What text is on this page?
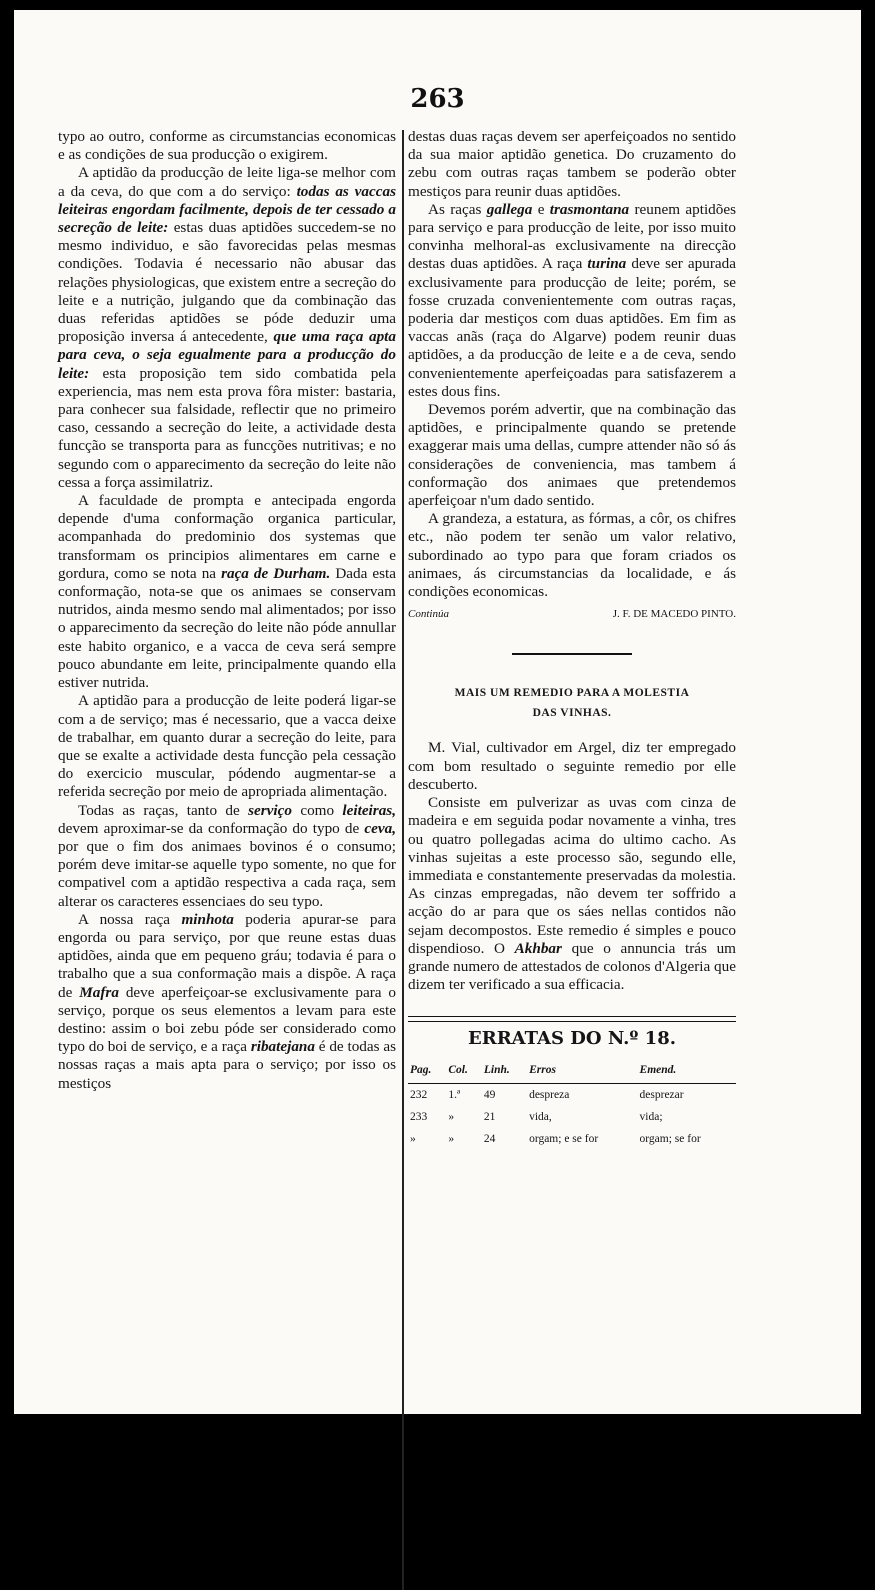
263

typo ao outro, conforme as circumstancias economicas e as condições de sua producção o exigirem.

A aptidão da producção de leite liga-se melhor com a da ceva, do que com a do serviço: todas as vaccas leiteiras engordam facilmente, depois de ter cessado a secreção de leite: estas duas aptidões succedem-se no mesmo individuo, e são favorecidas pelas mesmas condições. Todavia é necessario não abusar das relações physiologicas, que existem entre a secreção do leite e a nutrição, julgando que da combinação das duas referidas aptidões se póde deduzir uma proposição inversa á antecedente, que uma raça apta para ceva, o seja egualmente para a producção do leite: esta proposição tem sido combatida pela experiencia, mas nem esta prova fôra mister: bastaria, para conhecer sua falsidade, reflectir que no primeiro caso, cessando a secreção do leite, a actividade desta funcção se transporta para as funcções nutritivas; e no segundo com o apparecimento da secreção do leite não cessa a força assimilatriz.

A faculdade de prompta e antecipada engorda depende d'uma conformação organica particular, acompanhada do predominio dos systemas que transformam os principios alimentares em carne e gordura, como se nota na raça de Durham. Dada esta conformação, nota-se que os animaes se conservam nutridos, ainda mesmo sendo mal alimentados; por isso o apparecimento da secreção do leite não póde annullar este habito organico, e a vacca de ceva será sempre pouco abundante em leite, principalmente quando ella estiver nutrida.

A aptidão para a producção de leite poderá ligar-se com a de serviço; mas é necessario, que a vacca deixe de trabalhar, em quanto durar a secreção do leite, para que se exalte a actividade desta funcção pela cessação do exercicio muscular, pódendo augmentar-se a referida secreção por meio de apropriada alimentação.

Todas as raças, tanto de serviço como leiteiras, devem aproximar-se da conformação do typo de ceva, por que o fim dos animaes bovinos é o consumo; porém deve imitar-se aquelle typo somente, no que for compativel com a aptidão respectiva a cada raça, sem alterar os caracteres essenciaes do seu typo.

A nossa raça minhota poderia apurar-se para engorda ou para serviço, por que reune estas duas aptidões, ainda que em pequeno gráu; todavia é para o trabalho que a sua conformação mais a dispõe. A raça de Mafra deve aperfeiçoar-se exclusivamente para o serviço, porque os seus elementos a levam para este destino: assim o boi zebu póde ser considerado como typo do boi de serviço, e a raça ribatejana é de todas as nossas raças a mais apta para o serviço; por isso os mestiços

destas duas raças devem ser aperfeiçoados no sentido da sua maior aptidão genetica. Do cruzamento do zebu com outras raças tambem se poderão obter mestiços para reunir duas aptidões.

As raças gallega e trasmontana reunem aptidões para serviço e para producção de leite, por isso muito convinha melhoral-as exclusivamente na direcção destas duas aptidões. A raça turina deve ser apurada exclusivamente para producção de leite; porém, se fosse cruzada convenientemente com outras raças, poderia dar mestiços com duas aptidões. Em fim as vaccas anãs (raça do Algarve) podem reunir duas aptidões, a da producção de leite e a de ceva, sendo convenientemente aperfeiçoadas para satisfazerem a estes dous fins.

Devemos porém advertir, que na combinação das aptidões, e principalmente quando se pretende exaggerar mais uma dellas, cumpre attender não só ás considerações de conveniencia, mas tambem á conformação dos animaes que pretendemos aperfeiçoar n'um dado sentido.

A grandeza, a estatura, as fórmas, a côr, os chifres etc., não podem ter senão um valor relativo, subordinado ao typo para que foram criados os animaes, ás circumstancias da localidade, e ás condições economicas.

Continúa	J. F. DE MACEDO PINTO.
MAIS UM REMEDIO PARA A MOLESTIA
DAS VINHAS.

M. Vial, cultivador em Argel, diz ter empregado com bom resultado o seguinte remedio por elle descuberto.

Consiste em pulverizar as uvas com cinza de madeira e em seguida podar novamente a vinha, tres ou quatro pollegadas acima do ultimo cacho. As vinhas sujeitas a este processo são, segundo elle, immediata e constantemente preservadas da molestia. As cinzas empregadas, não devem ter soffrido a acção do ar para que os sáes nellas contidos não sejam decompostos. Este remedio é simples e pouco dispendioso. O Akhbar que o annuncia trás um grande numero de attestados de colonos d'Algeria que dizem ter verificado a sua efficacia.

ERRATAS DO N.º 18.
Pag.	Col.	Linh.	Erros	Emend.
232	1.ª	49	despreza	desprezar
233	»	21	vida,	vida;
»	»	24	orgam; e se for	orgam; se for
